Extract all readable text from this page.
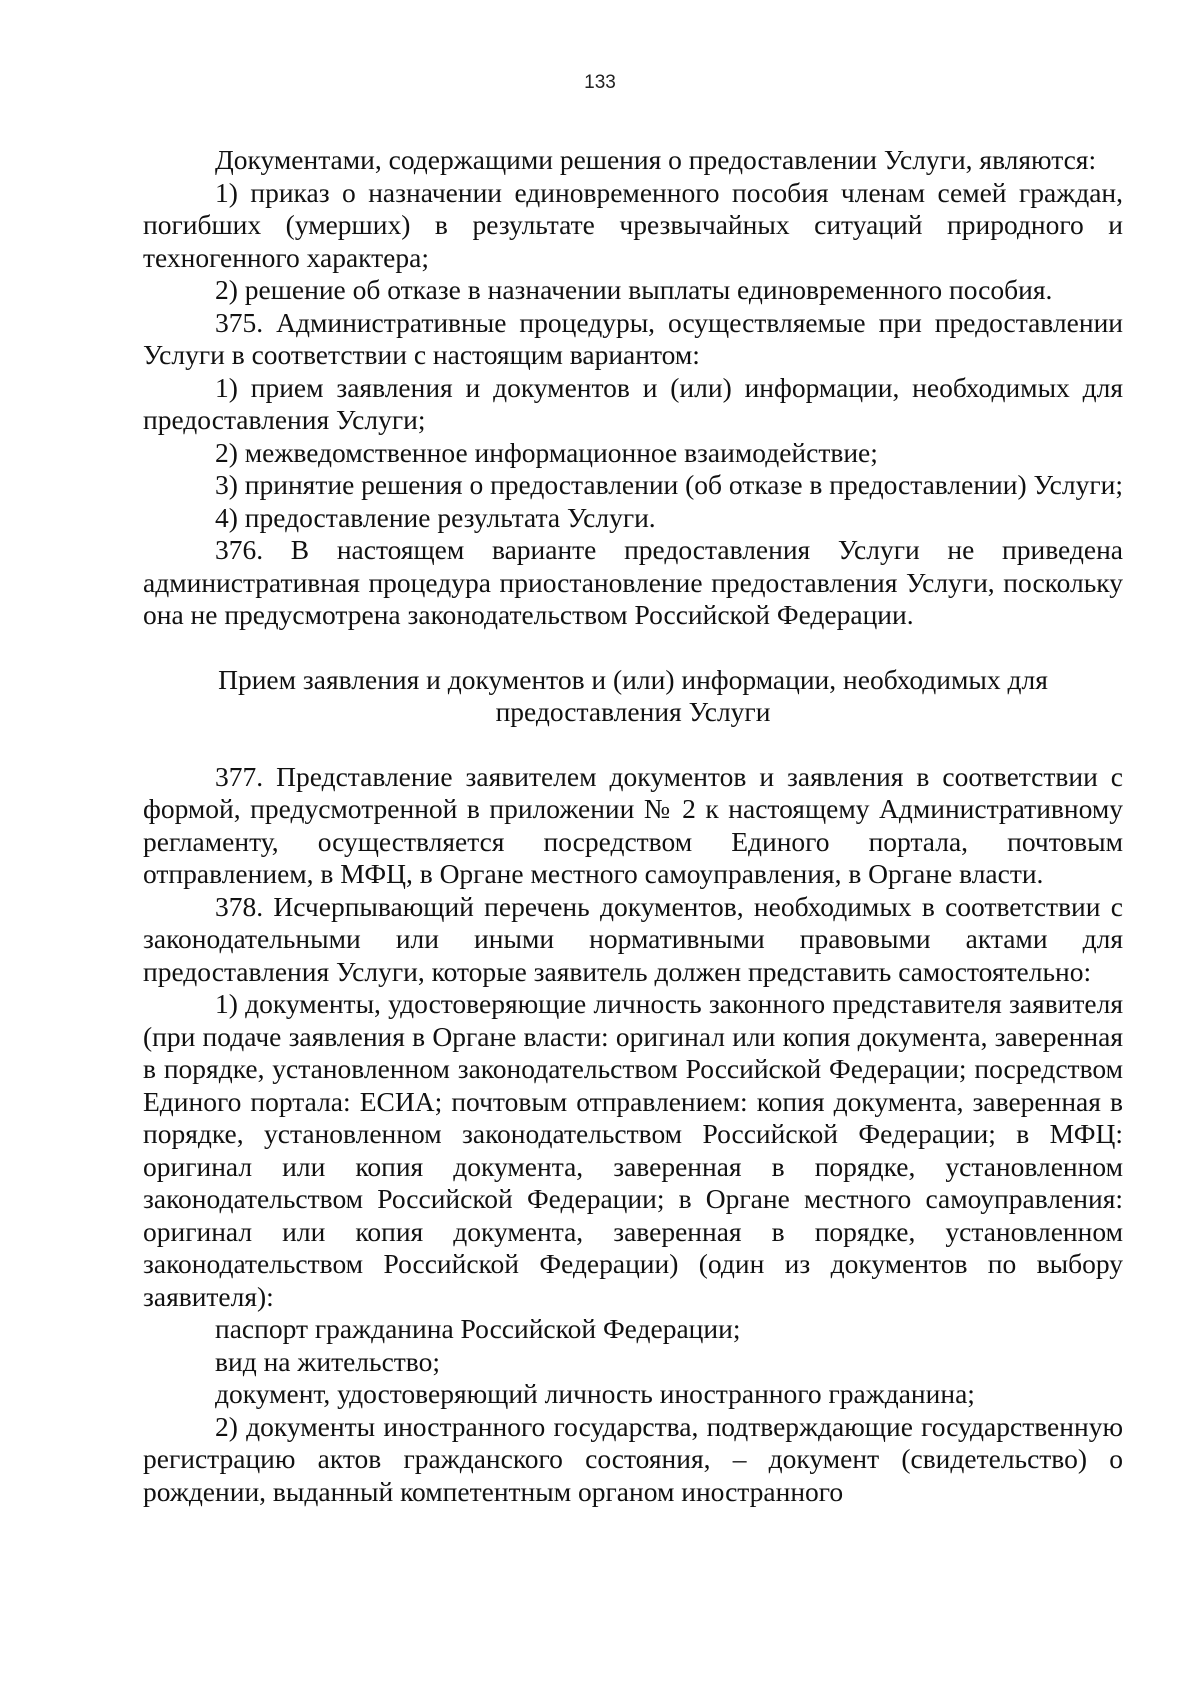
133

Документами, содержащими решения о предоставлении Услуги, являются:

1) приказ о назначении единовременного пособия членам семей граждан, погибших (умерших) в результате чрезвычайных ситуаций природного и техногенного характера;

2) решение об отказе в назначении выплаты единовременного пособия.

375. Административные процедуры, осуществляемые при предоставлении Услуги в соответствии с настоящим вариантом:

1) прием заявления и документов и (или) информации, необходимых для предоставления Услуги;

2) межведомственное информационное взаимодействие;

3) принятие решения о предоставлении (об отказе в предоставлении) Услуги;

4) предоставление результата Услуги.

376. В настоящем варианте предоставления Услуги не приведена административная процедура приостановление предоставления Услуги, поскольку она не предусмотрена законодательством Российской Федерации.

Прием заявления и документов и (или) информации, необходимых для предоставления Услуги

377. Представление заявителем документов и заявления в соответствии с формой, предусмотренной в приложении № 2 к настоящему Административному регламенту, осуществляется посредством Единого портала, почтовым отправлением, в МФЦ, в Органе местного самоуправления, в Органе власти.

378. Исчерпывающий перечень документов, необходимых в соответствии с законодательными или иными нормативными правовыми актами для предоставления Услуги, которые заявитель должен представить самостоятельно:

1) документы, удостоверяющие личность законного представителя заявителя (при подаче заявления в Органе власти: оригинал или копия документа, заверенная в порядке, установленном законодательством Российской Федерации; посредством Единого портала: ЕСИА; почтовым отправлением: копия документа, заверенная в порядке, установленном законодательством Российской Федерации; в МФЦ: оригинал или копия документа, заверенная в порядке, установленном законодательством Российской Федерации; в Органе местного самоуправления: оригинал или копия документа, заверенная в порядке, установленном законодательством Российской Федерации) (один из документов по выбору заявителя):

паспорт гражданина Российской Федерации;

вид на жительство;

документ, удостоверяющий личность иностранного гражданина;

2) документы иностранного государства, подтверждающие государственную регистрацию актов гражданского состояния, – документ (свидетельство) о рождении, выданный компетентным органом иностранного
